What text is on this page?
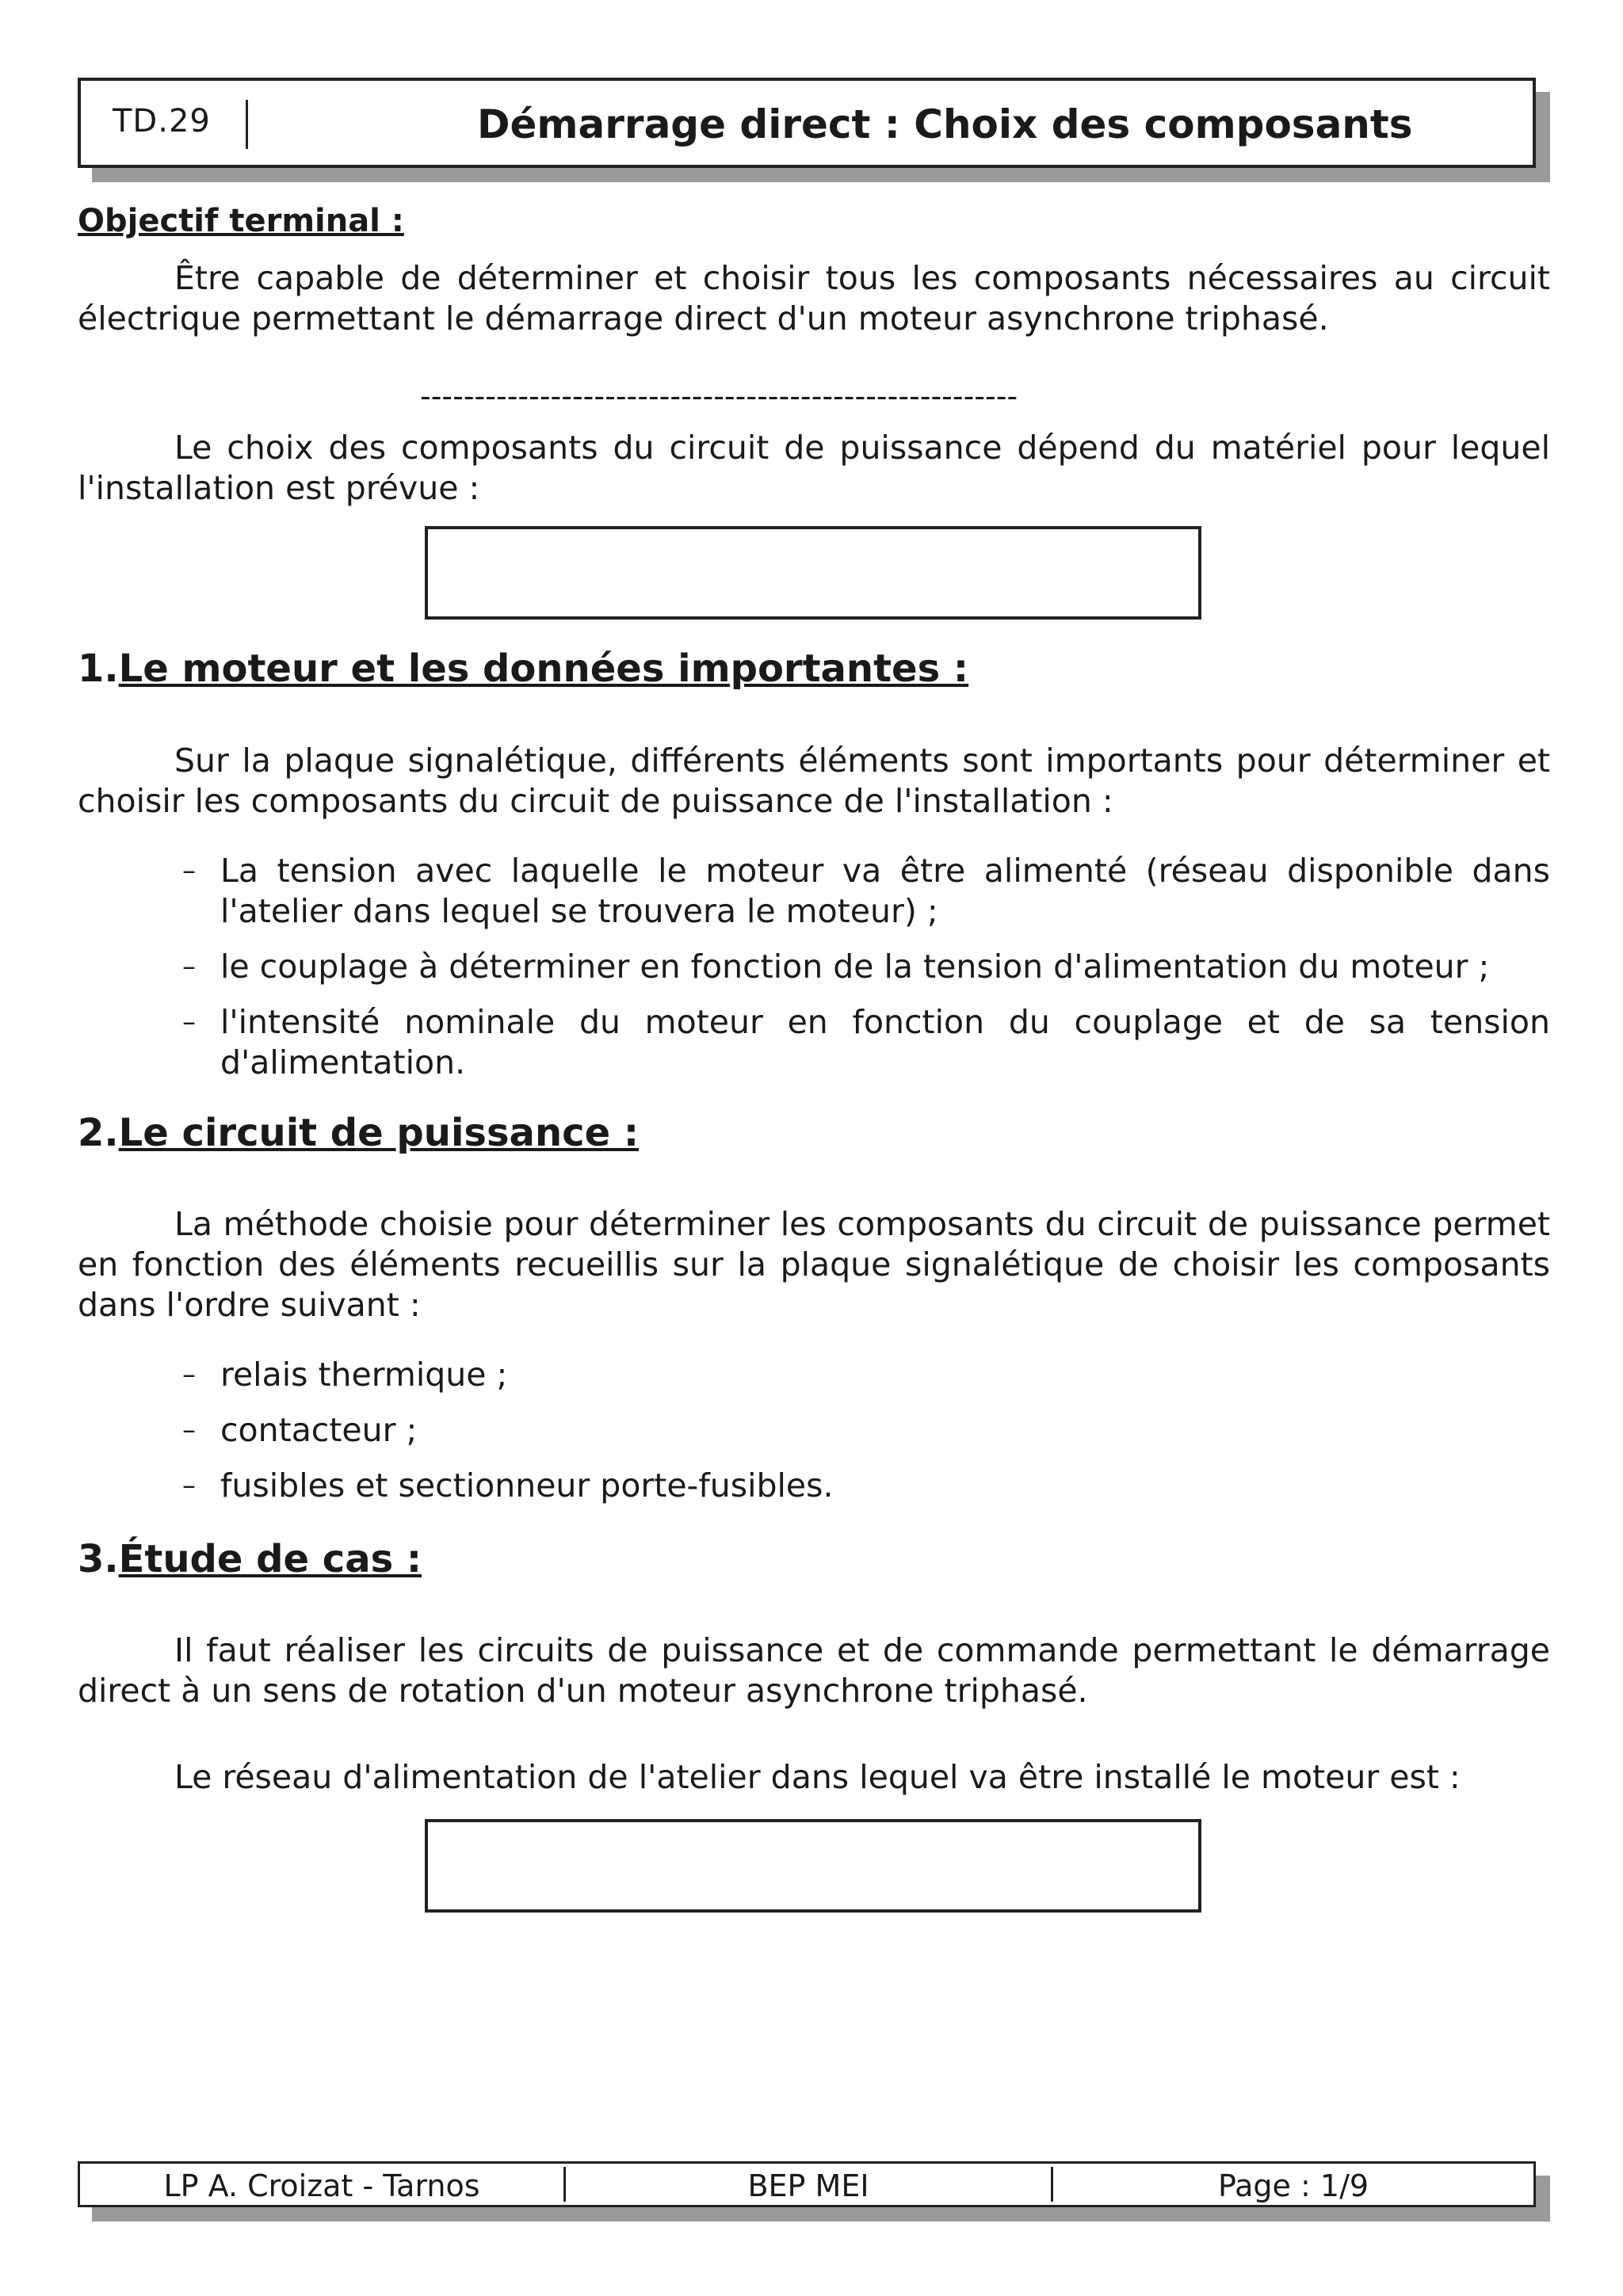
TD.29	Démarrage direct : Choix des composants
Objectif terminal :

Être capable de déterminer et choisir tous les composants nécessaires au circuit électrique permettant le démarrage direct d'un moteur asynchrone triphasé.

-------------------------------------------------------

Le choix des composants du circuit de puissance dépend du matériel pour lequel l'installation est prévue :

1.Le moteur et les données importantes :

Sur la plaque signalétique, différents éléments sont importants pour déterminer et choisir les composants du circuit de puissance de l'installation :

– La tension avec laquelle le moteur va être alimenté (réseau disponible dans l'atelier dans lequel se trouvera le moteur) ;
– le couplage à déterminer en fonction de la tension d'alimentation du moteur ;
– l'intensité nominale du moteur en fonction du couplage et de sa tension d'alimentation.
2.Le circuit de puissance :

La méthode choisie pour déterminer les composants du circuit de puissance permet en fonction des éléments recueillis sur la plaque signalétique de choisir les composants dans l'ordre suivant :

– relais thermique ;
– contacteur ;
– fusibles et sectionneur porte-fusibles.
3.Étude de cas :

Il faut réaliser les circuits de puissance et de commande permettant le démarrage direct à un sens de rotation d'un moteur asynchrone triphasé.

Le réseau d'alimentation de l'atelier dans lequel va être installé le moteur est :

LP A. Croizat - Tarnos	BEP MEI	Page : 1/9
